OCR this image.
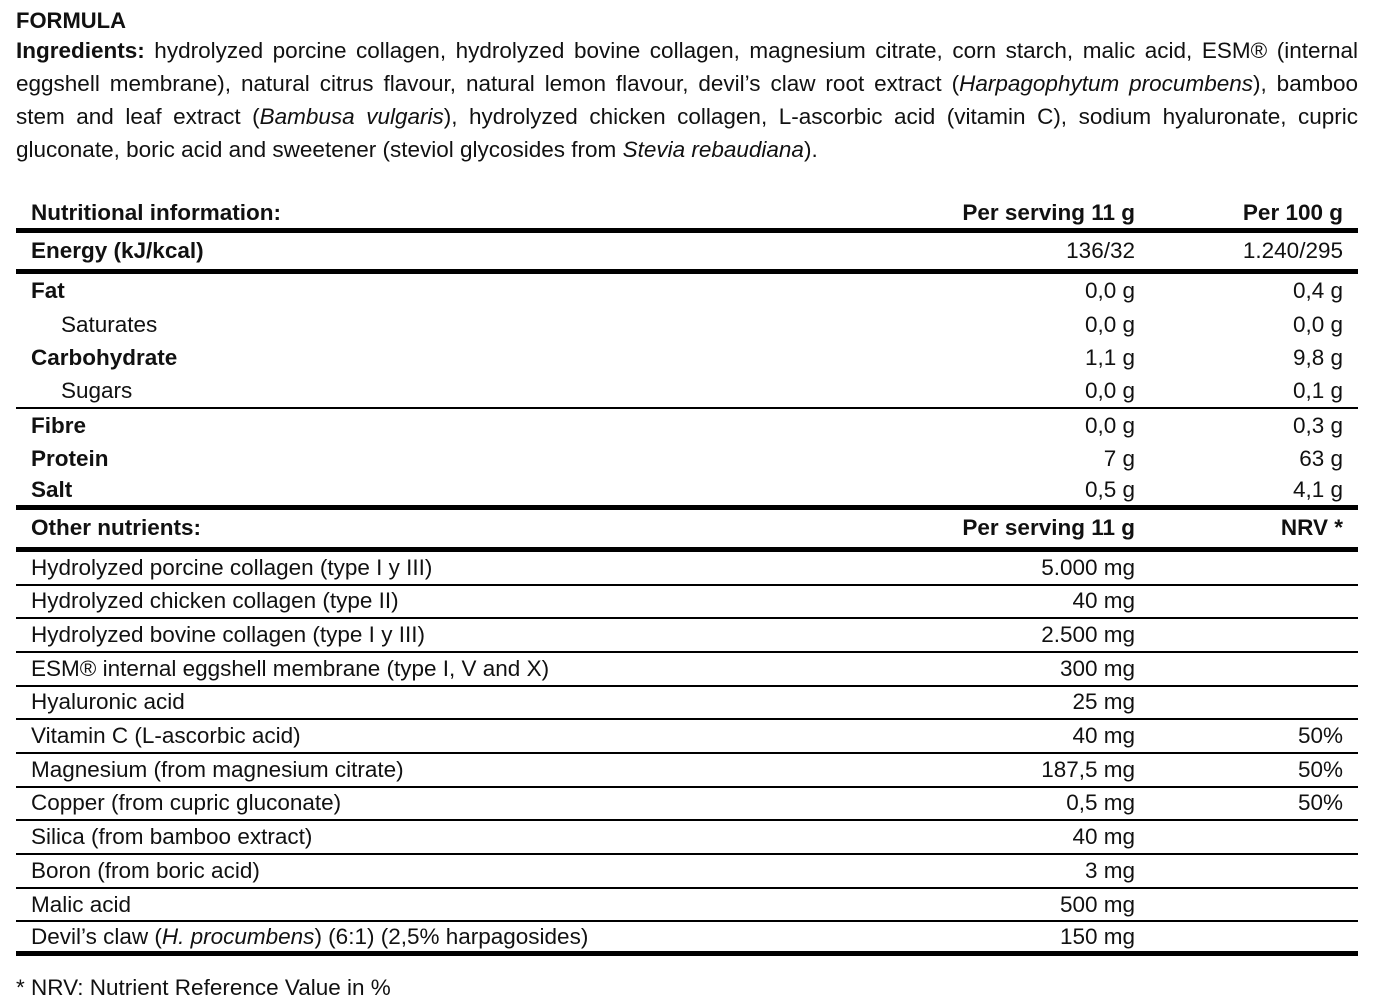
FORMULA

Ingredients: hydrolyzed porcine collagen, hydrolyzed bovine collagen, magnesium citrate, corn starch, malic acid, ESM® (internal eggshell membrane), natural citrus flavour, natural lemon flavour, devil’s claw root extract (Harpagophytum procumbens), bamboo stem and leaf extract (Bambusa vulgaris), hydrolyzed chicken collagen, L-ascorbic acid (vitamin C), sodium hyaluronate, cupric gluconate, boric acid and sweetener (steviol glycosides from Stevia rebaudiana).

Nutritional information:	Per serving 11 g	Per 100 g
Energy (kJ/kcal)	136/32	1.240/295
Fat	0,0 g	0,4 g
Saturates	0,0 g	0,0 g
Carbohydrate	1,1 g	9,8 g
Sugars	0,0 g	0,1 g
Fibre	0,0 g	0,3 g
Protein	7 g	63 g
Salt	0,5 g	4,1 g
Other nutrients:	Per serving 11 g	NRV *
Hydrolyzed porcine collagen (type I y III)	5.000 mg
Hydrolyzed chicken collagen (type II)	40 mg
Hydrolyzed bovine collagen (type I y III)	2.500 mg
ESM® internal eggshell membrane (type I, V and X)	300 mg
Hyaluronic acid	25 mg
Vitamin C (L-ascorbic acid)	40 mg	50%
Magnesium (from magnesium citrate)	187,5 mg	50%
Copper (from cupric gluconate)	0,5 mg	50%
Silica (from bamboo extract)	40 mg
Boron (from boric acid)	3 mg
Malic acid	500 mg
Devil’s claw (H. procumbens) (6:1) (2,5% harpagosides)	150 mg
* NRV: Nutrient Reference Value in %
